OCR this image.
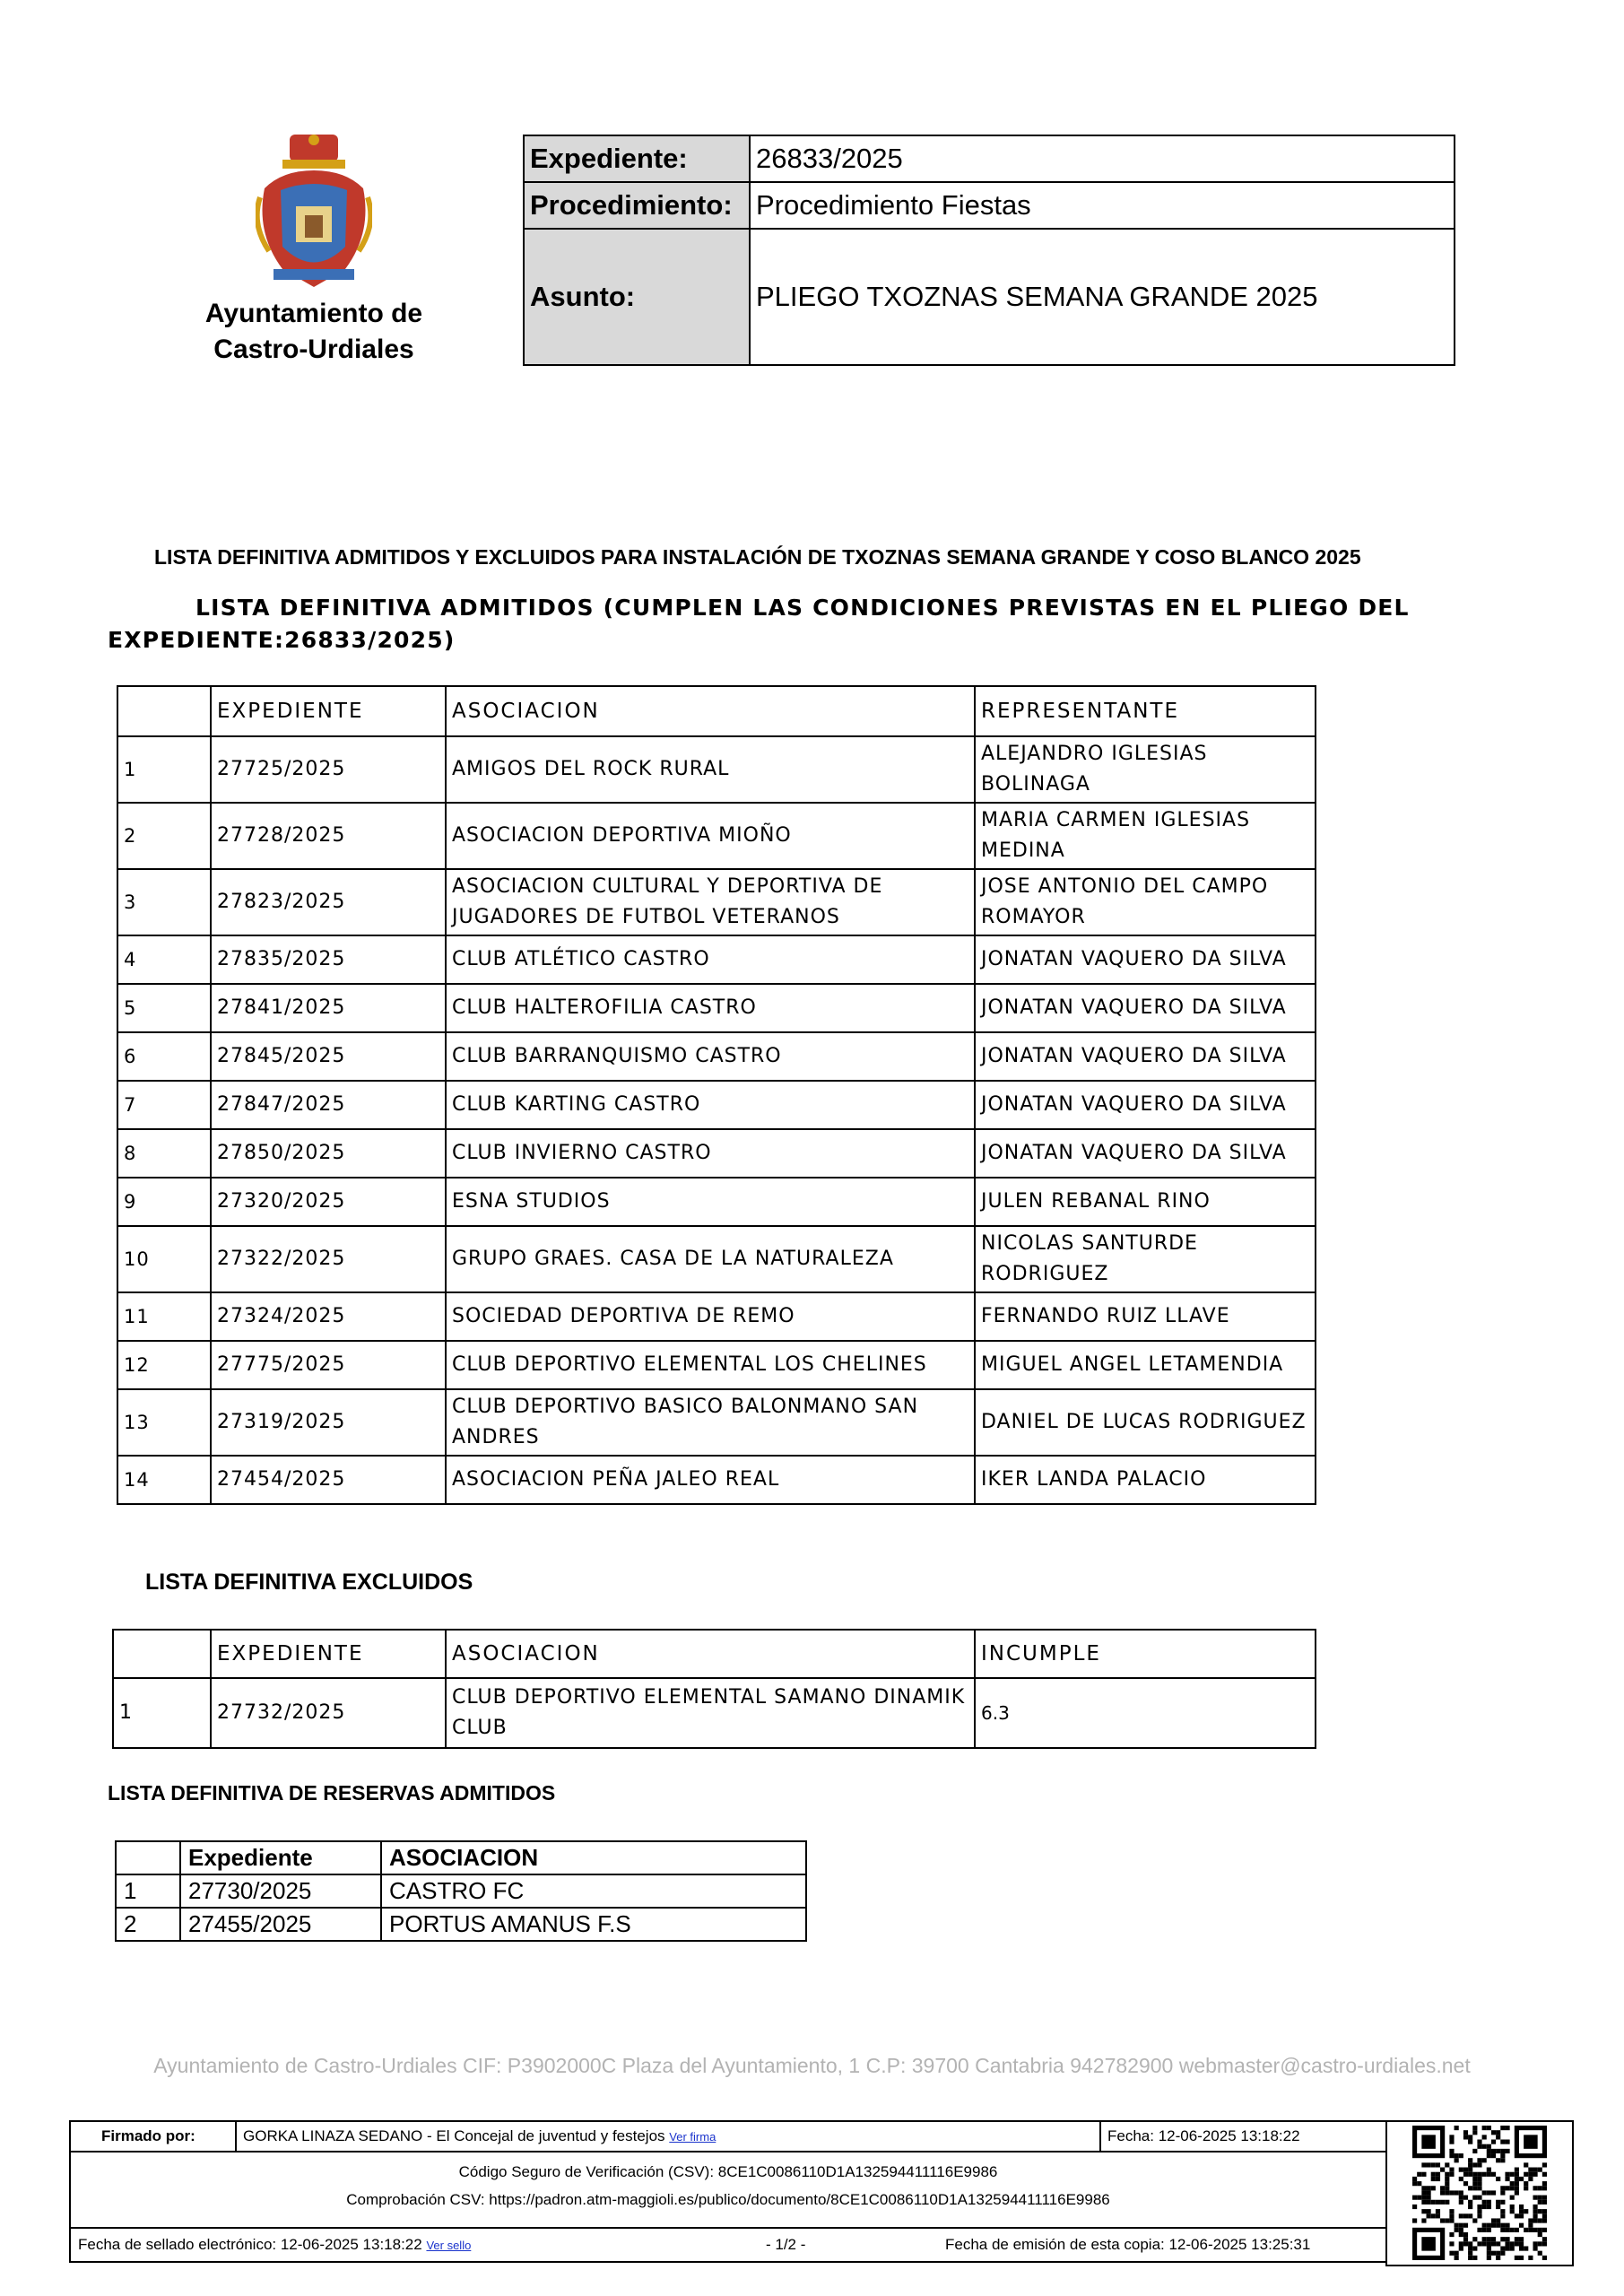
Ayuntamiento de
Castro-Urdiales
Expediente:	26833/2025
Procedimiento:	Procedimiento Fiestas
Asunto:	PLIEGO TXOZNAS SEMANA GRANDE 2025
LISTA DEFINITIVA ADMITIDOS Y EXCLUIDOS PARA INSTALACIÓN DE TXOZNAS SEMANA GRANDE Y COSO BLANCO 2025
LISTA DEFINITIVA ADMITIDOS (CUMPLEN LAS CONDICIONES PREVISTAS EN EL PLIEGO DEL
EXPEDIENTE:26833/2025)
	EXPEDIENTE	ASOCIACION	REPRESENTANTE
1	27725/2025	AMIGOS DEL ROCK RURAL	ALEJANDRO IGLESIAS BOLINAGA
2	27728/2025	ASOCIACION DEPORTIVA MIOÑO	MARIA CARMEN IGLESIAS MEDINA
3	27823/2025	ASOCIACION CULTURAL Y DEPORTIVA DE JUGADORES DE FUTBOL VETERANOS	JOSE ANTONIO DEL CAMPO ROMAYOR
4	27835/2025	CLUB ATLÉTICO CASTRO	JONATAN VAQUERO DA SILVA
5	27841/2025	CLUB HALTEROFILIA CASTRO	JONATAN VAQUERO DA SILVA
6	27845/2025	CLUB BARRANQUISMO CASTRO	JONATAN VAQUERO DA SILVA
7	27847/2025	CLUB KARTING CASTRO	JONATAN VAQUERO DA SILVA
8	27850/2025	CLUB INVIERNO CASTRO	JONATAN VAQUERO DA SILVA
9	27320/2025	ESNA STUDIOS	JULEN REBANAL RINO
10	27322/2025	GRUPO GRAES. CASA DE LA NATURALEZA	NICOLAS SANTURDE RODRIGUEZ
11	27324/2025	SOCIEDAD DEPORTIVA DE REMO	FERNANDO RUIZ LLAVE
12	27775/2025	CLUB DEPORTIVO ELEMENTAL LOS CHELINES	MIGUEL ANGEL LETAMENDIA
13	27319/2025	CLUB DEPORTIVO BASICO BALONMANO SAN ANDRES	DANIEL DE LUCAS RODRIGUEZ
14	27454/2025	ASOCIACION PEÑA JALEO REAL	IKER LANDA PALACIO
LISTA DEFINITIVA EXCLUIDOS
	EXPEDIENTE	ASOCIACION	INCUMPLE
1	27732/2025	CLUB DEPORTIVO ELEMENTAL SAMANO DINAMIK CLUB	6.3
LISTA DEFINITIVA DE RESERVAS ADMITIDOS
	Expediente	ASOCIACION
1	27730/2025	CASTRO FC
2	27455/2025	PORTUS AMANUS F.S
Ayuntamiento de Castro-Urdiales CIF: P3902000C Plaza del Ayuntamiento, 1 C.P: 39700 Cantabria 942782900 webmaster@castro-urdiales.net
Firmado por:	GORKA LINAZA SEDANO - El Concejal de juventud y festejos Ver firma	Fecha: 12-06-2025 13:18:22
Código Seguro de Verificación (CSV): 8CE1C0086110D1A132594411116E9986
Comprobación CSV: https://padron.atm-maggioli.es/publico/documento/8CE1C0086110D1A132594411116E9986
Fecha de sellado electrónico: 12-06-2025 13:18:22 Ver sello	- 1/2 -	Fecha de emisión de esta copia: 12-06-2025 13:25:31
